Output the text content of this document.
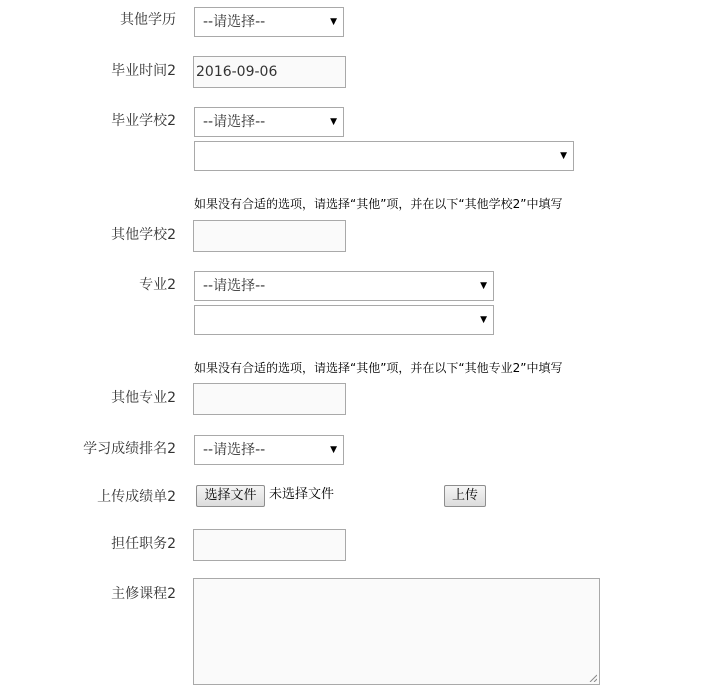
其他学历	--请选择--	▼
毕业时间2 2016-09-06
毕业学校2	--请选择--	▼
▼
如果没有合适的选项，请选择“其他”项，并在以下“其他学校2”中填写
其他学校2
专业2	--请选择--	▼
▼
如果没有合适的选项，请选择“其他”项，并在以下“其他专业2”中填写
其他专业2
学习成绩排名2	--请选择--	▼
上传成绩单2	选择文件 未选择文件	上传
担任职务2
主修课程2
